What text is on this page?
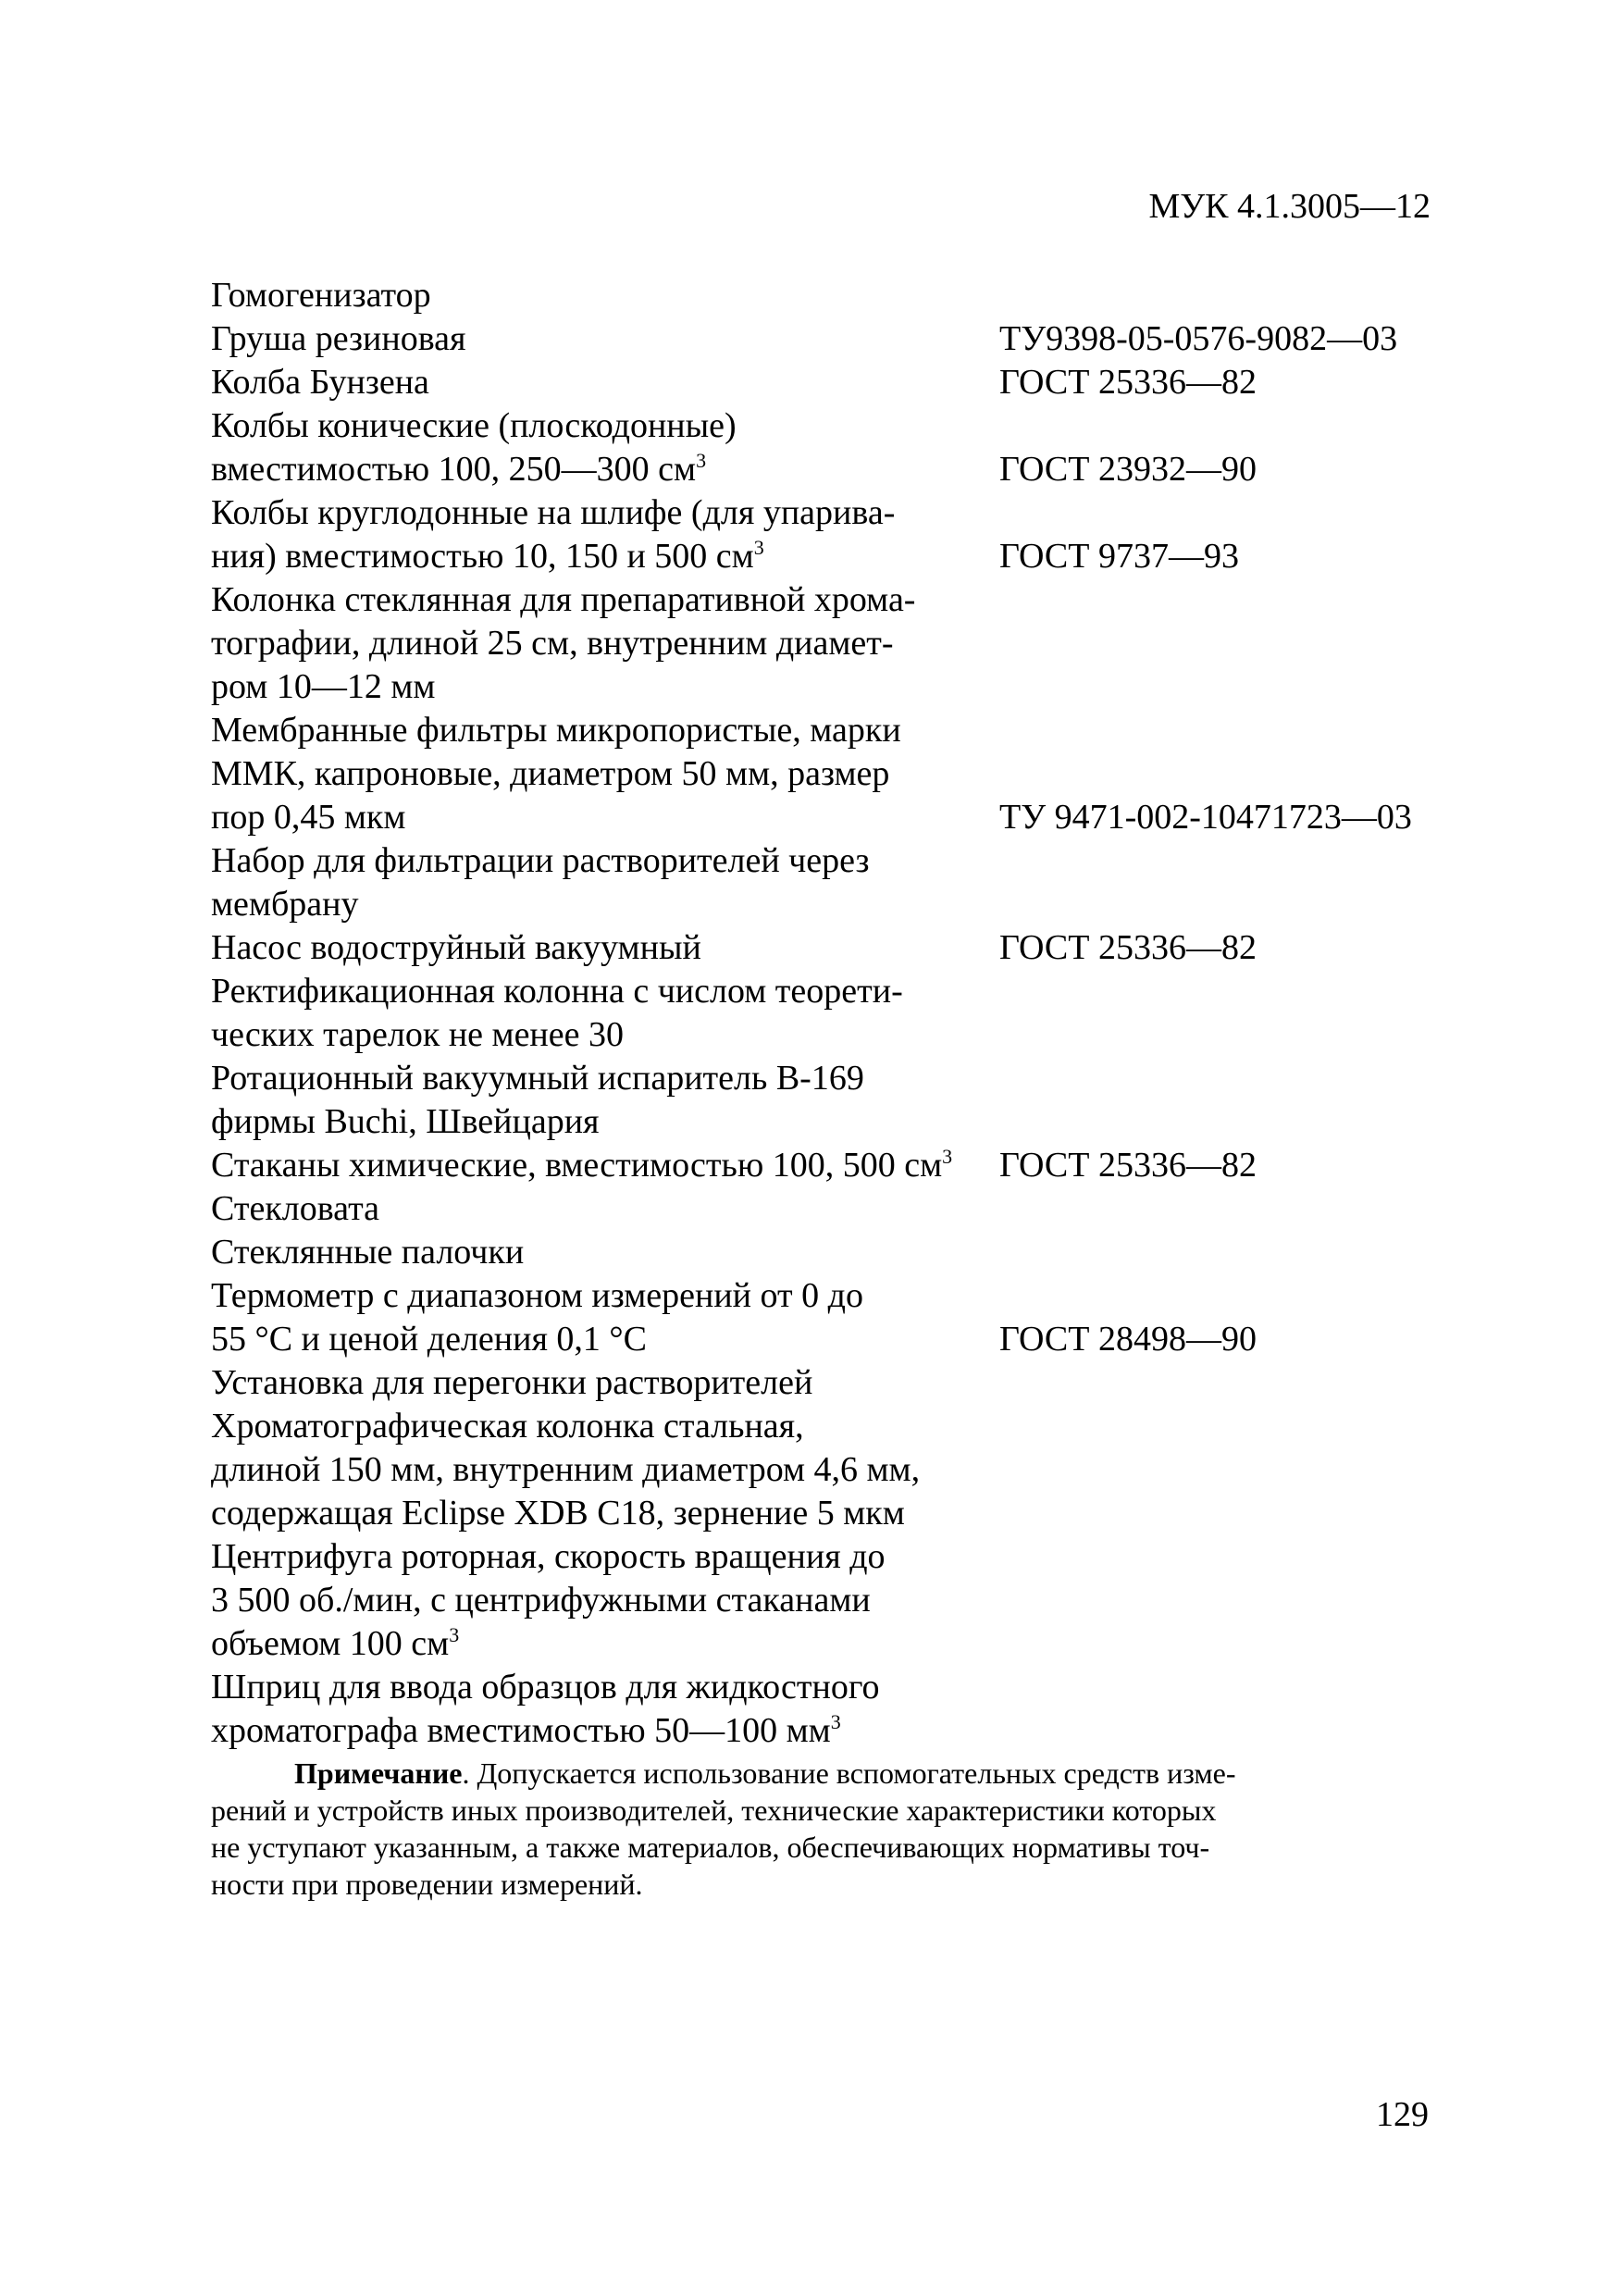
МУК 4.1.3005—12
Гомогенизатор
Груша резиновая	ТУ9398-05-0576-9082—03
Колба Бунзена	ГОСТ 25336—82
Колбы конические (плоскодонные)
вместимостью 100, 250—300 $см^3$	ГОСТ 23932—90
Колбы круглодонные на шлифе (для упарива-
ния) вместимостью 10, 150 и 500 $см^3$	ГОСТ 9737—93
Колонка стеклянная для препаративной хрома-
тографии, длиной 25 см, внутренним диамет-
ром 10—12 мм
Мембранные фильтры микропористые, марки
ММК, капроновые, диаметром 50 мм, размер
пор 0,45 мкм	ТУ 9471-002-10471723—03
Набор для фильтрации растворителей через
мембрану
Насос водоструйный вакуумный	ГОСТ 25336—82
Ректификационная колонна с числом теорети-
ческих тарелок не менее 30
Ротационный вакуумный испаритель B-169
фирмы Buchi, Швейцария
Стаканы химические, вместимостью 100, 500 $см^3$	ГОСТ 25336—82
Стекловата
Стеклянные палочки
Термометр с диапазоном измерений от 0 до
55 °C и ценой деления 0,1 °C	ГОСТ 28498—90
Установка для перегонки растворителей
Хроматографическая колонка стальная,
длиной 150 мм, внутренним диаметром 4,6 мм,
содержащая Eclipse XDB C18, зернение 5 мкм
Центрифуга роторная, скорость вращения до
3 500 об./мин, с центрифужными стаканами
объемом 100 $см^3$
Шприц для ввода образцов для жидкостного
хроматографа вместимостью 50—100 $мм^3$

Примечание. Допускается использование вспомогательных средств изме-
рений и устройств иных производителей, технические характеристики которых
не уступают указанным, а также материалов, обеспечивающих нормативы точ-
ности при проведении измерений.

129
